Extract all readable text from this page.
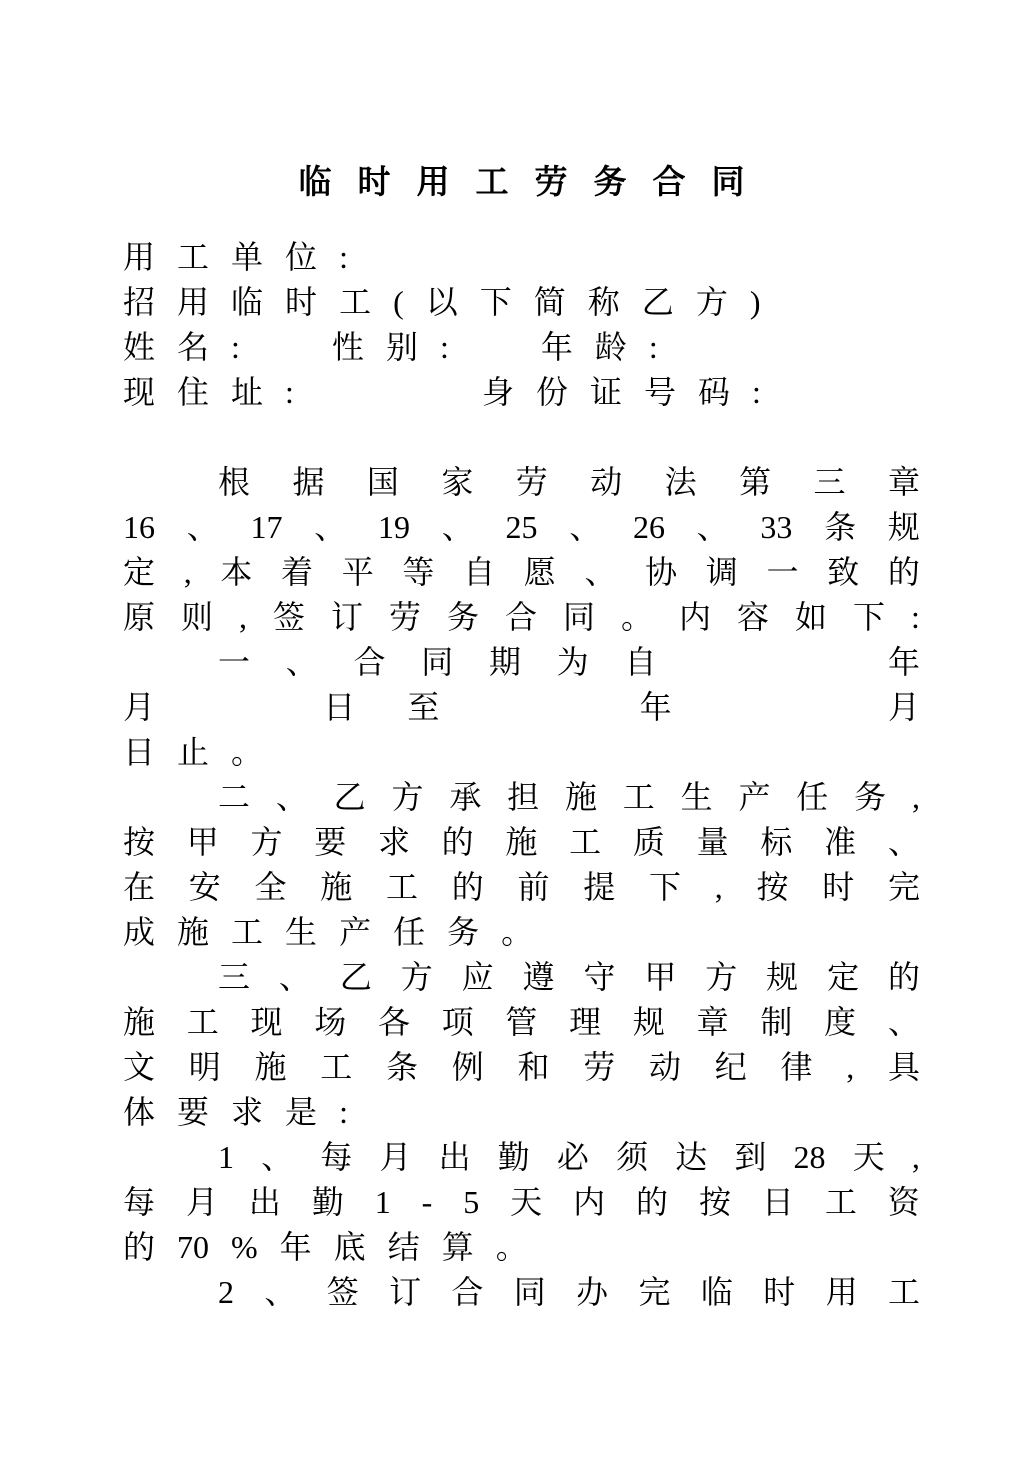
临 时 用 工 劳 务 合 同
用 工 单 位 :
招 用 临 时 工 ( 以 下 简 称 乙 方 )
姓 名 :
	性 别 :
	年 龄 :
现 住 址 :
	身 份 证 号 码 :
根 据 国 家 劳 动 法 第 三 章
16 、 17 、 19 、 25 、 26 、 33 条 规
定 , 本 着 平 等 自 愿 、 协 调 一 致 的
原 则 , 签 订 劳 务 合 同 。 内 容 如 下 :
一 、 合 同 期 为 自
	年
月
	日 至
	年
	月
日 止 。
二 、 乙 方 承 担 施 工 生 产 任 务 ,
按 甲 方 要 求 的 施 工 质 量 标 准 、
在 安 全 施 工 的 前 提 下 , 按 时 完
成 施 工 生 产 任 务 。
三 、 乙 方 应 遵 守 甲 方 规 定 的
施 工 现 场 各 项 管 理 规 章 制 度 、
文 明 施 工 条 例 和 劳 动 纪 律 , 具
体 要 求 是 :
1 、 每 月 出 勤 必 须 达 到 28 天 ,
每 月 出 勤 1 - 5 天 内 的 按 日 工 资
的 70 % 年 底 结 算 。
2 、 签 订 合 同 办 完 临 时 用 工
